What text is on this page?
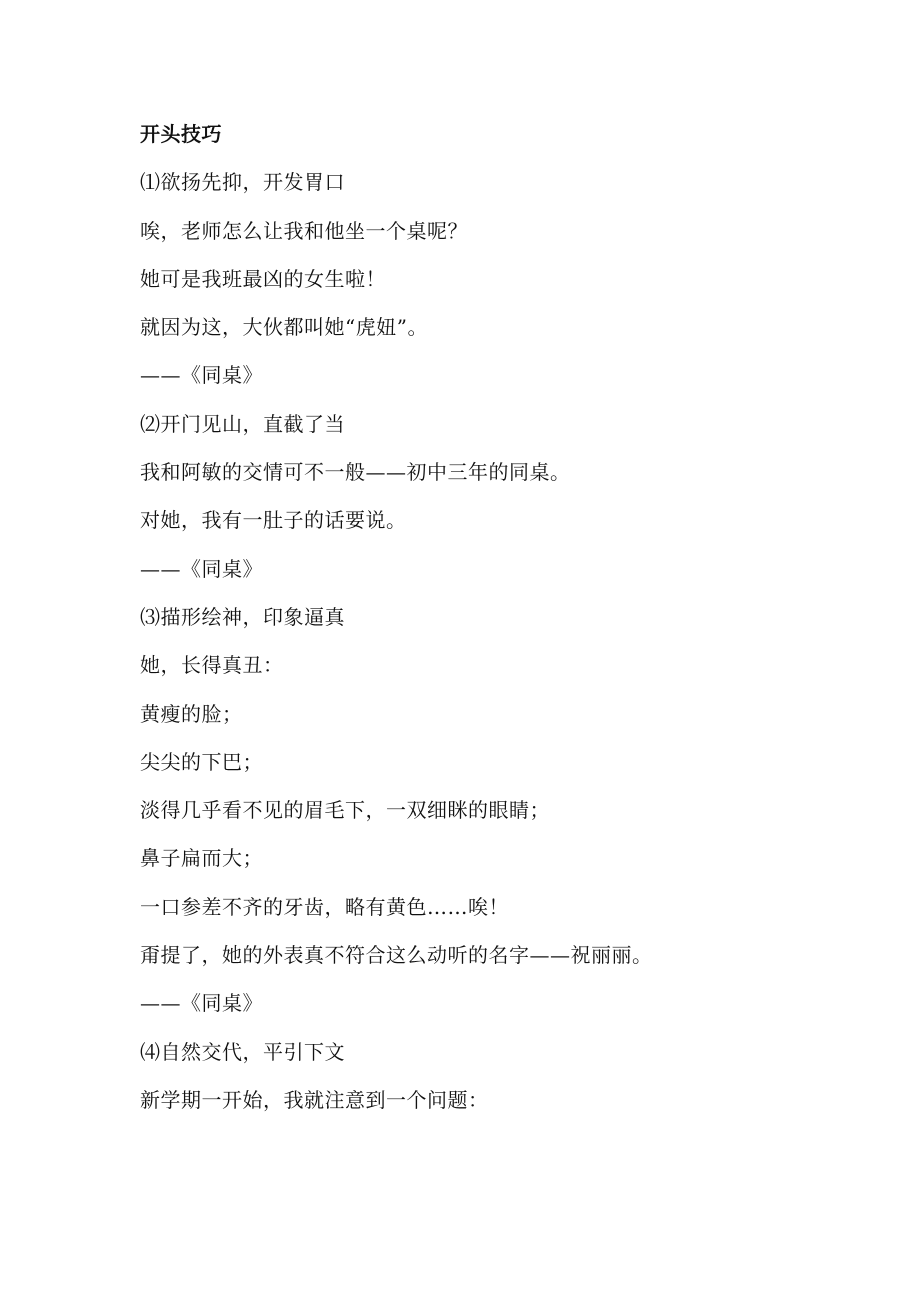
开头技巧
⑴欲扬先抑，开发胃口
唉，老师怎么让我和他坐一个桌呢？
她可是我班最凶的女生啦！
就因为这，大伙都叫她“虎妞”。
——《同桌》
⑵开门见山，直截了当
我和阿敏的交情可不一般——初中三年的同桌。
对她，我有一肚子的话要说。
——《同桌》
⑶描形绘神，印象逼真
她，长得真丑：
黄瘦的脸；
尖尖的下巴；
淡得几乎看不见的眉毛下，一双细眯的眼睛；
鼻子扁而大；
一口参差不齐的牙齿，略有黄色……唉！
甭提了，她的外表真不符合这么动听的名字——祝丽丽。
——《同桌》
⑷自然交代，平引下文
新学期一开始，我就注意到一个问题：
